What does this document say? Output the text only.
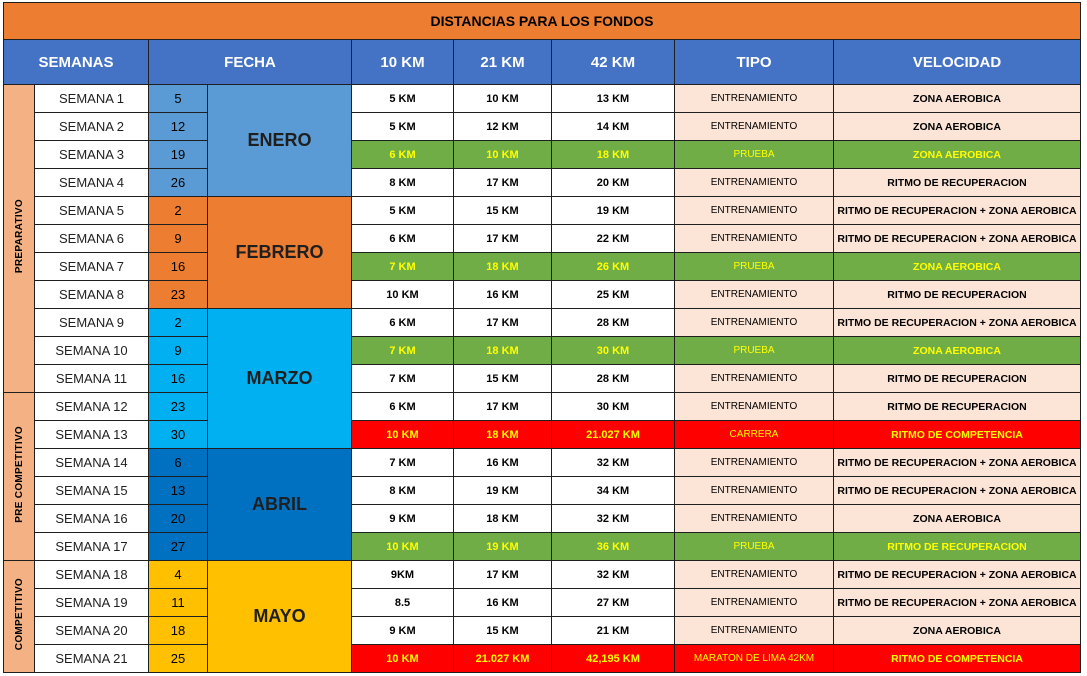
DISTANCIAS PARA LOS FONDOS								
SEMANAS		FECHA		10 KM	21 KM	42 KM	TIPO	VELOCIDAD
PREPARATIVO	SEMANA 1	5	ENERO	5 KM	10 KM	13 KM	ENTRENAMIENTO	ZONA AEROBICA
	SEMANA 2	12		5 KM	12 KM	14 KM	ENTRENAMIENTO	ZONA AEROBICA
	SEMANA 3	19		6 KM	10 KM	18 KM	PRUEBA	ZONA AEROBICA
	SEMANA 4	26		8 KM	17 KM	20 KM	ENTRENAMIENTO	RITMO DE RECUPERACION
	SEMANA 5	2	FEBRERO	5 KM	15 KM	19 KM	ENTRENAMIENTO	RITMO DE RECUPERACION + ZONA AEROBICA
	SEMANA 6	9		6 KM	17 KM	22 KM	ENTRENAMIENTO	RITMO DE RECUPERACION + ZONA AEROBICA
	SEMANA 7	16		7 KM	18 KM	26 KM	PRUEBA	ZONA AEROBICA
	SEMANA 8	23		10 KM	16 KM	25 KM	ENTRENAMIENTO	RITMO DE RECUPERACION
	SEMANA 9	2	MARZO	6 KM	17 KM	28 KM	ENTRENAMIENTO	RITMO DE RECUPERACION + ZONA AEROBICA
	SEMANA 10	9		7 KM	18 KM	30 KM	PRUEBA	ZONA AEROBICA
	SEMANA 11	16		7 KM	15 KM	28 KM	ENTRENAMIENTO	RITMO DE RECUPERACION
PRE COMPETITIVO	SEMANA 12	23		6 KM	17 KM	30 KM	ENTRENAMIENTO	RITMO DE RECUPERACION
	SEMANA 13	30		10 KM	18 KM	21.027 KM	CARRERA	RITMO DE COMPETENCIA
	SEMANA 14	6	ABRIL	7 KM	16 KM	32 KM	ENTRENAMIENTO	RITMO DE RECUPERACION + ZONA AEROBICA
	SEMANA 15	13		8 KM	19 KM	34 KM	ENTRENAMIENTO	RITMO DE RECUPERACION + ZONA AEROBICA
	SEMANA 16	20		9 KM	18 KM	32 KM	ENTRENAMIENTO	ZONA AEROBICA
	SEMANA 17	27		10 KM	19 KM	36 KM	PRUEBA	RITMO DE RECUPERACION
COMPETITIVO	SEMANA 18	4	MAYO	9KM	17 KM	32 KM	ENTRENAMIENTO	RITMO DE RECUPERACION + ZONA AEROBICA
	SEMANA 19	11		8.5	16 KM	27 KM	ENTRENAMIENTO	RITMO DE RECUPERACION + ZONA AEROBICA
	SEMANA 20	18		9 KM	15 KM	21 KM	ENTRENAMIENTO	ZONA AEROBICA
	SEMANA 21	25		10 KM	21.027 KM	42,195 KM	MARATON DE LIMA 42KM	RITMO DE COMPETENCIA
